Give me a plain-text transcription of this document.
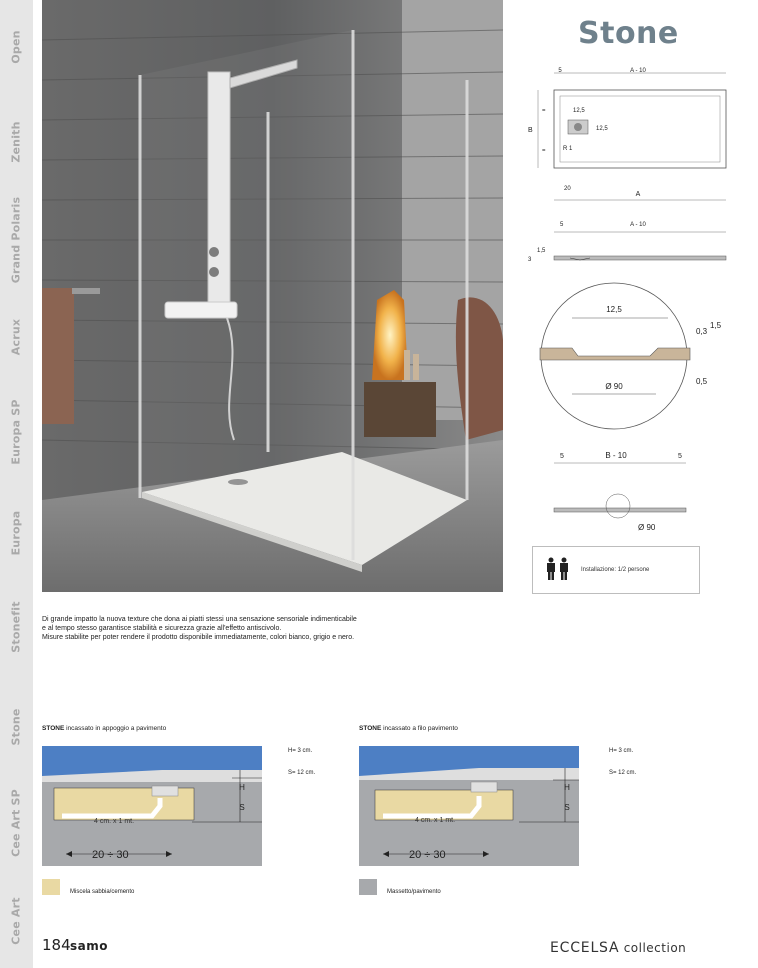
Open
Zenith
Grand Polaris
Acrux
Europa SP
Europa
Stonefit
Stone
Cee Art SP
Cee Art
Stone
A - 10
5
12,5
12,5
R 1
=
=
B
20
A
5	A - 10
1,5
3
12,5
0,3
1,5
0,5
Ø 90
5	B - 10	5
Ø 90
Installazione: 1/2 persone
Di grande impatto la nuova texture che dona ai piatti stessi una sensazione sensoriale indimenticabile
e al tempo stesso garantisce stabilità e sicurezza grazie all'effetto antiscivolo.
Misure stabilite per poter rendere il prodotto disponibile immediatamente, colori bianco, grigio e nero.
STONE incassato in appoggio a pavimento	STONE incassato a filo pavimento
H
S
4 cm. x 1 mt.
20 ÷ 30
H= 3 cm.
S= 12 cm.
H
S
4 cm. x 1 mt.
20 ÷ 30
H= 3 cm.
S= 12 cm.
Miscela sabbia/cemento	Massetto/pavimento
184 samo	ECCELSA collection
